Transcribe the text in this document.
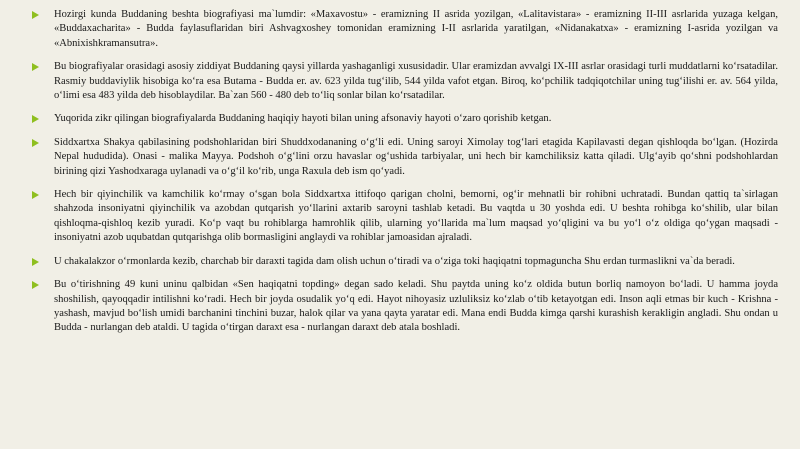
Hozirgi kunda Buddaning beshta biografiyasi ma`lumdir: «Maxavostu» - eramizning II asrida yozilgan, «Lalitavistara» - eramizning II-III asrlarida yuzaga kelgan, «Buddaxacharita» - Budda faylasuflaridan biri Ashvagxoshey tomonidan eramizning I-II asrlarida yaratilgan, «Nidanakatxa» - eramizning I-asrida yozilgan va «Abnixishkramansutra».

Bu biografiyalar orasidagi asosiy ziddiyat Buddaning qaysi yillarda yashaganligi xususidadir. Ular eramizdan avvalgi IX-III asrlar orasidagi turli muddatlarni ko‘rsatadilar. Rasmiy buddaviylik hisobiga ko‘ra esa Butama - Budda er. av. 623 yilda tug‘ilib, 544 yilda vafot etgan. Biroq, ko‘pchilik tadqiqotchilar uning tug‘ilishi er. av. 564 yilda, o‘limi esa 483 yilda deb hisoblaydilar. Ba`zan 560 - 480 deb to‘liq sonlar bilan ko‘rsatadilar.

Yuqorida zikr qilingan biografiyalarda Buddaning haqiqiy hayoti bilan uning afsonaviy hayoti o‘zaro qorishib ketgan.

Siddxartxa Shakya qabilasining podshohlaridan biri Shuddxodananing o‘g‘li edi. Uning saroyi Ximolay tog‘lari etagida Kapilavasti degan qishloqda bo‘lgan. (Hozirda Nepal hududida). Onasi - malika Mayya. Podshoh o‘g‘lini orzu havaslar og‘ushida tarbiyalar, uni hech bir kamchiliksiz katta qiladi. Ulg‘ayib qo‘shni podshohlardan birining qizi Yashodxaraga uylanadi va o‘g‘il ko‘rib, unga Raxula deb ism qo‘yadi.

Hech bir qiyinchilik va kamchilik ko‘rmay o‘sgan bola Siddxartxa ittifoqo qarigan cholni, bemorni, og‘ir mehnatli bir rohibni uchratadi. Bundan qattiq ta`sirlagan shahzoda insoniyatni qiyinchilik va azobdan qutqarish yo‘llarini axtarib saroyni tashlab ketadi. Bu vaqtda u 30 yoshda edi. U beshta rohibga ko‘shilib, ular bilan qishloqma-qishloq kezib yuradi. Ko‘p vaqt bu rohiblarga hamrohlik qilib, ularning yo‘llarida ma`lum maqsad yo‘qligini va bu yo‘l o‘z oldiga qo‘ygan maqsadi - insoniyatni azob uqubatdan qutqarishga olib bormasligini anglaydi va rohiblar jamoasidan ajraladi.

U chakalakzor o‘rmonlarda kezib, charchab bir daraxti tagida dam olish uchun o‘tiradi va o‘ziga toki haqiqatni topmaguncha Shu erdan turmaslikni va`da beradi.

Bu o‘tirishning 49 kuni uninu qalbidan «Sen haqiqatni topding» degan sado keladi. Shu paytda uning ko‘z oldida butun borliq namoyon bo‘ladi. U hamma joyda shoshilish, qayoqqadir intilishni ko‘radi. Hech bir joyda osudalik yo‘q edi. Hayot nihoyasiz uzluliksiz ko‘zlab o‘tib ketayotgan edi. Inson aqli etmas bir kuch - Krishna - yashash, mavjud bo‘lish umidi barchanini tinchini buzar, halok qilar va yana qayta yaratar edi. Mana endi Budda kimga qarshi kurashish kerakligin angladi. Shu ondan u Budda - nurlangan deb ataldi. U tagida o‘tirgan daraxt esa - nurlangan daraxt deb atala boshladi.
